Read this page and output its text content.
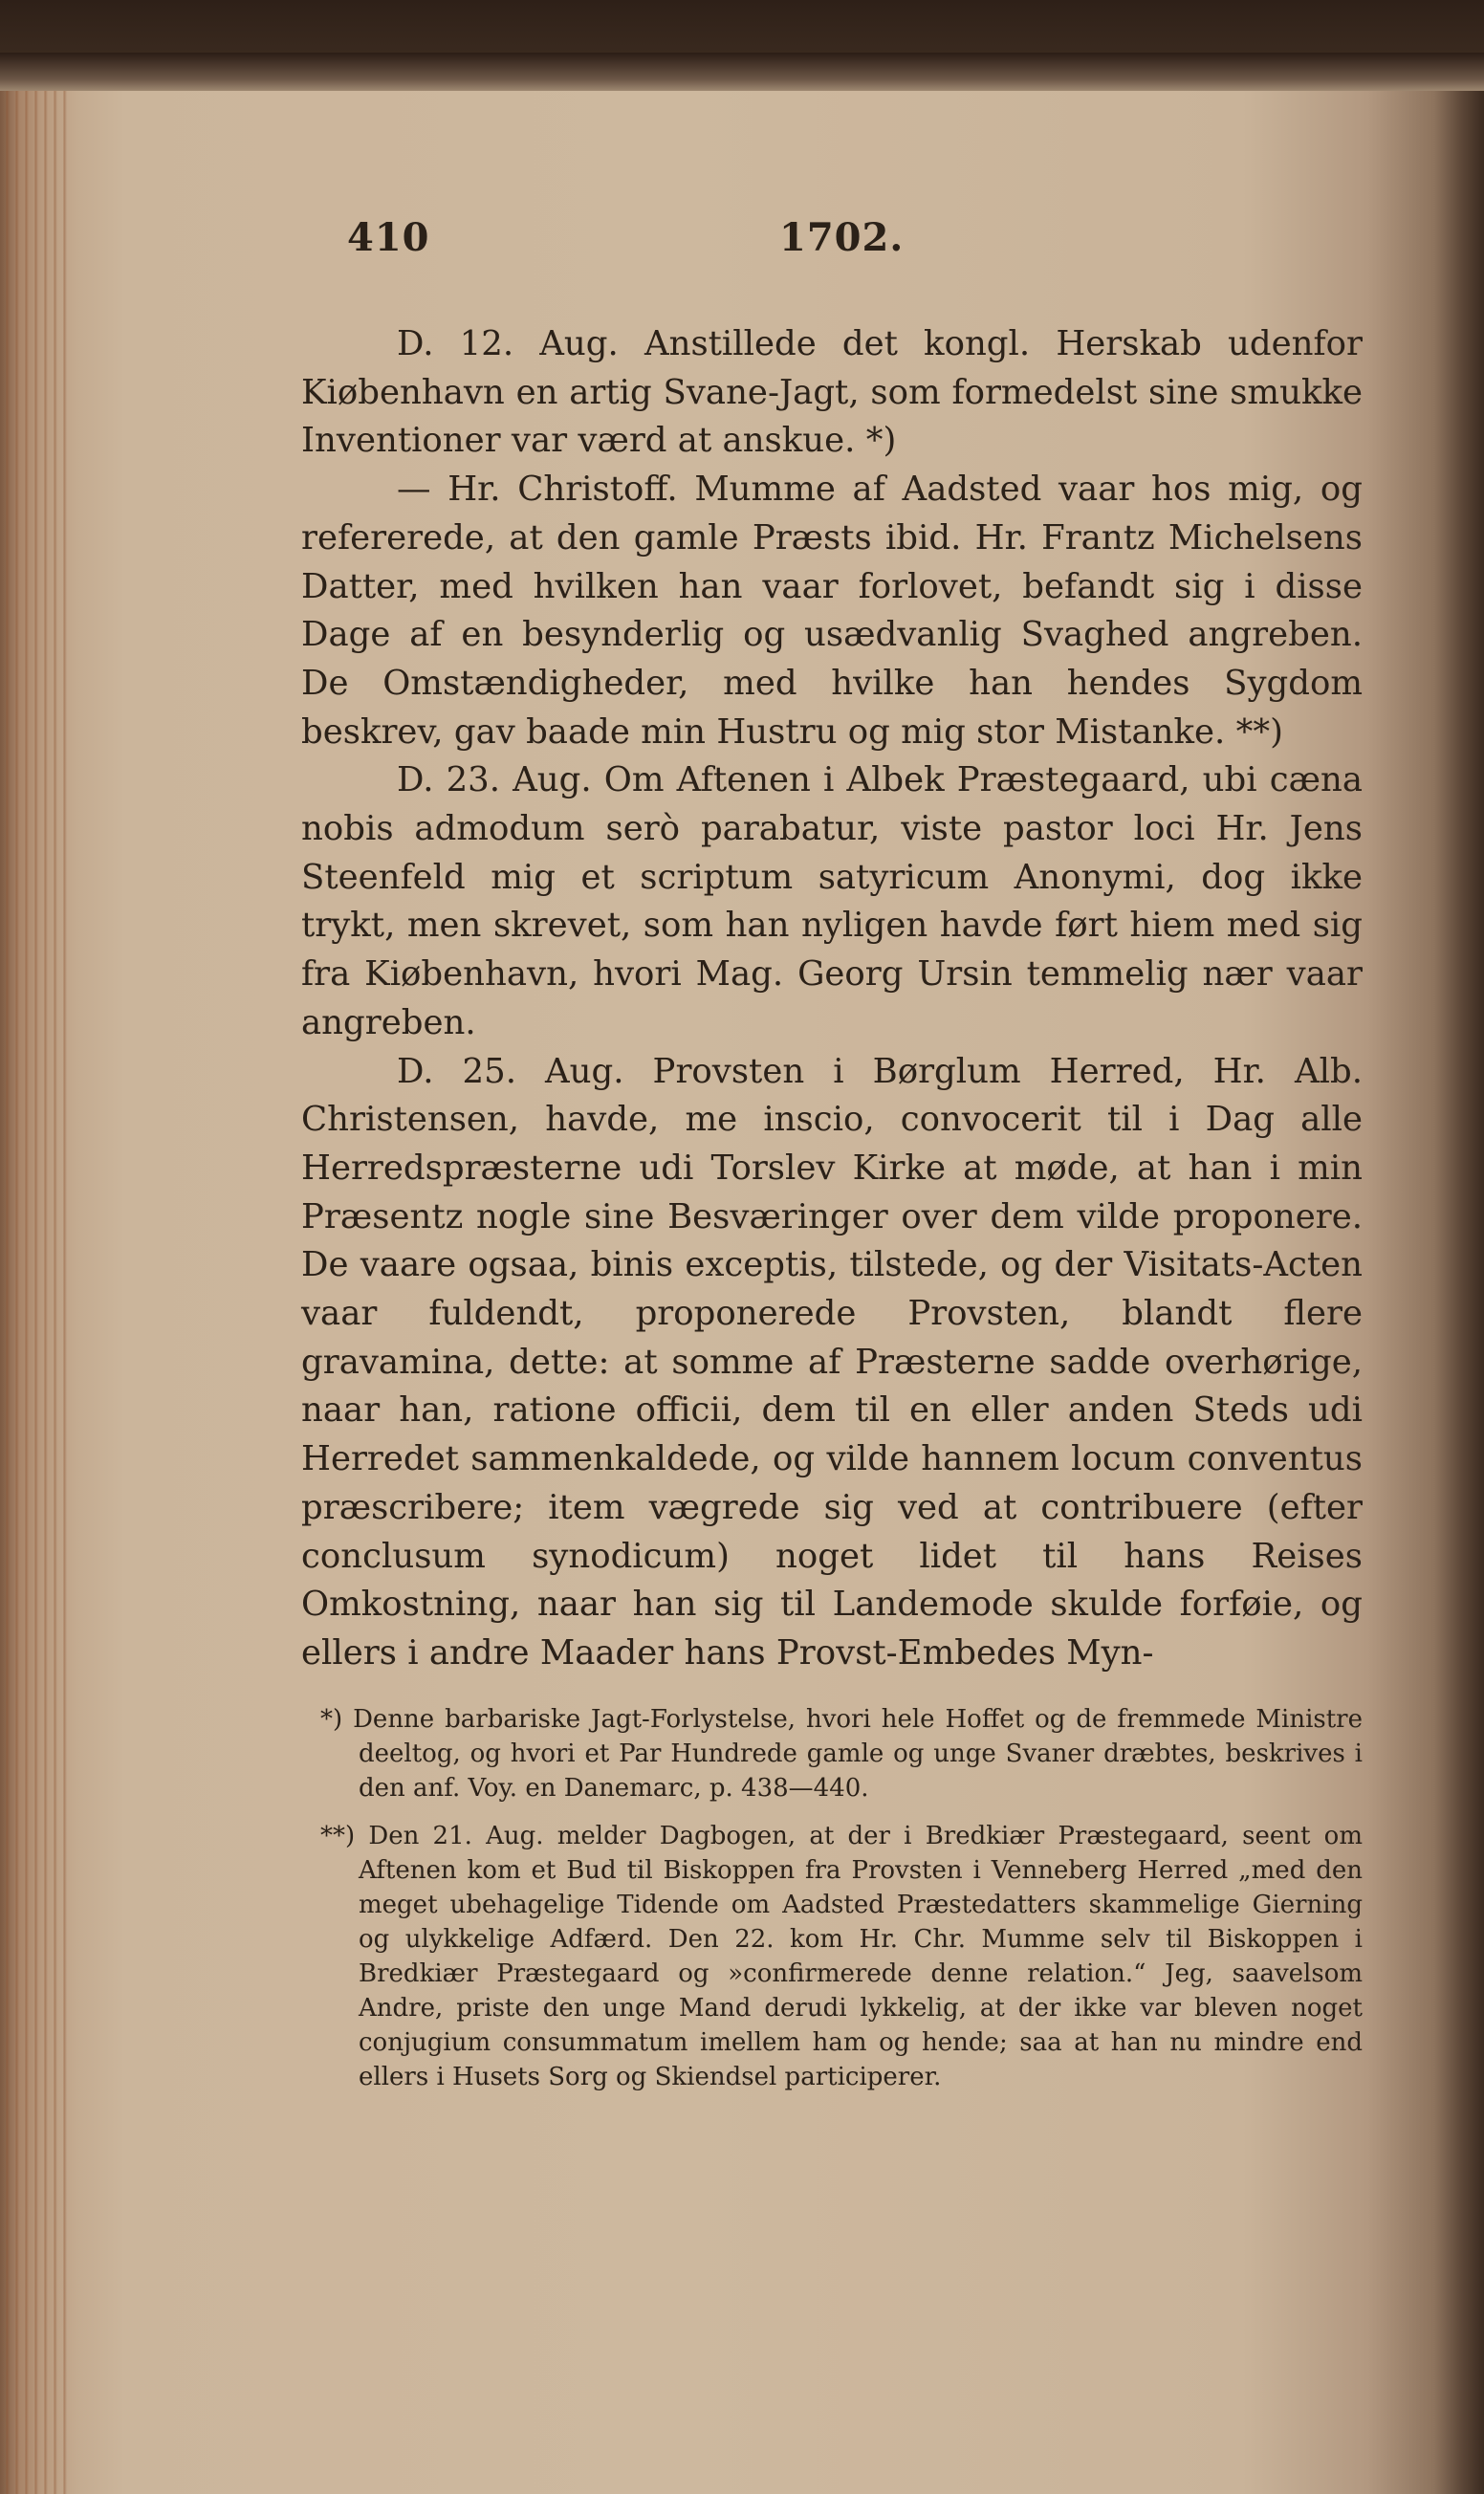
410	1702.

D. 12. Aug. Anstillede det kongl. Herskab udenfor Kiøbenhavn en artig Svane-Jagt, som formedelst sine smukke Inventioner var værd at anskue. *)

— Hr. Christoff. Mumme af Aadsted vaar hos mig, og refererede, at den gamle Præsts ibid. Hr. Frantz Michelsens Datter, med hvilken han vaar forlovet, befandt sig i disse Dage af en besynderlig og usædvanlig Svaghed angreben. De Omstændigheder, med hvilke han hendes Sygdom beskrev, gav baade min Hustru og mig stor Mistanke. **)

D. 23. Aug. Om Aftenen i Albek Præstegaard, ubi cæna nobis admodum serò parabatur, viste pastor loci Hr. Jens Steenfeld mig et scriptum satyricum Anonymi, dog ikke trykt, men skrevet, som han nyligen havde ført hiem med sig fra Kiøbenhavn, hvori Mag. Georg Ursin temmelig nær vaar angreben.

D. 25. Aug. Provsten i Børglum Herred, Hr. Alb. Christensen, havde, me inscio, convocerit til i Dag alle Herredspræsterne udi Torslev Kirke at møde, at han i min Præsentz nogle sine Besværinger over dem vilde proponere. De vaare ogsaa, binis exceptis, tilstede, og der Visitats-Acten vaar fuldendt, proponerede Provsten, blandt flere gravamina, dette: at somme af Præsterne sadde overhørige, naar han, ratione officii, dem til en eller anden Steds udi Herredet sammenkaldede, og vilde hannem locum conventus præscribere; item vægrede sig ved at contribuere (efter conclusum synodicum) noget lidet til hans Reises Omkostning, naar han sig til Landemode skulde forføie, og ellers i andre Maader hans Provst-Embedes Myn-

*) Denne barbariske Jagt-Forlystelse, hvori hele Hoffet og de fremmede Ministre deeltog, og hvori et Par Hundrede gamle og unge Svaner dræbtes, beskrives i den anf. Voy. en Danemarc, p. 438—440.

**) Den 21. Aug. melder Dagbogen, at der i Bredkiær Præstegaard, seent om Aftenen kom et Bud til Biskoppen fra Provsten i Venneberg Herred „med den meget ubehagelige Tidende om Aadsted Præstedatters skammelige Gierning og ulykkelige Adfærd. Den 22. kom Hr. Chr. Mumme selv til Biskoppen i Bredkiær Præstegaard og »confirmerede denne relation.“ Jeg, saavelsom Andre, priste den unge Mand derudi lykkelig, at der ikke var bleven noget conjugium consummatum imellem ham og hende; saa at han nu mindre end ellers i Husets Sorg og Skiendsel participerer.
